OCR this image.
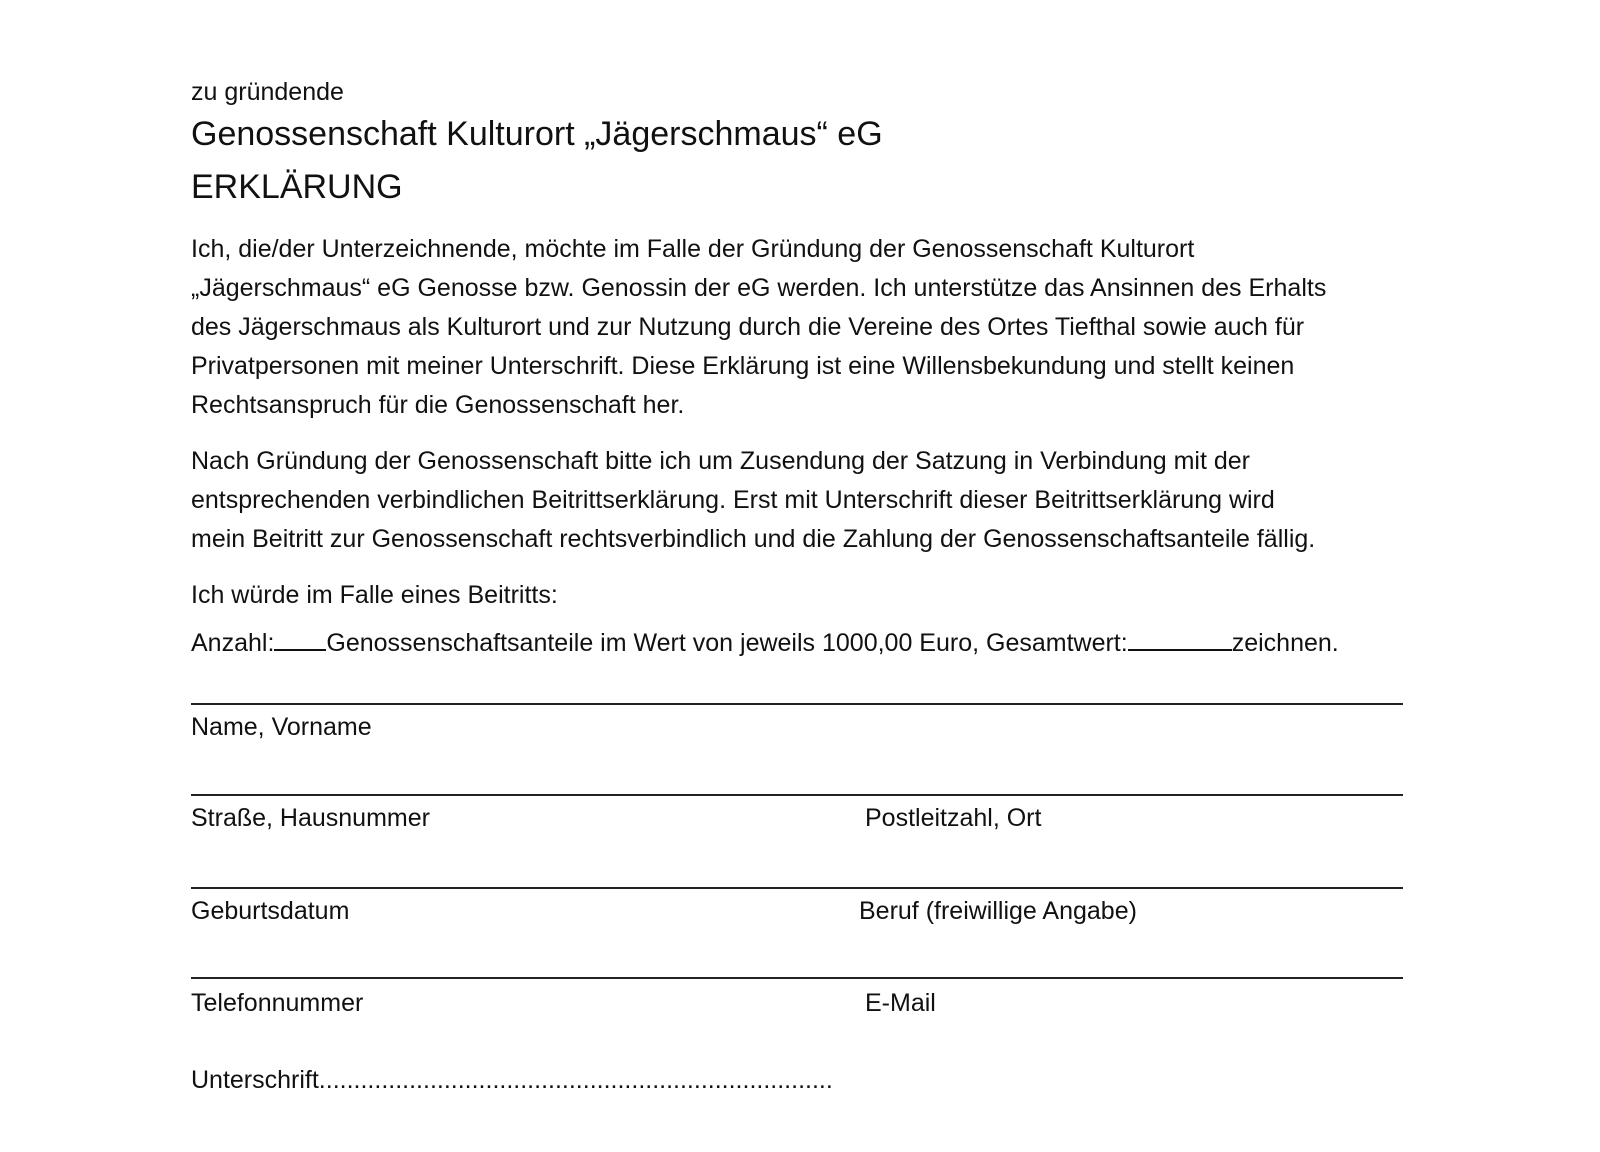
zu gründende
Genossenschaft Kulturort „Jägerschmaus“ eG
ERKLÄRUNG
Ich, die/der Unterzeichnende, möchte im Falle der Gründung der Genossenschaft Kulturort
„Jägerschmaus“ eG Genosse bzw. Genossin der eG werden. Ich unterstütze das Ansinnen des Erhalts
des Jägerschmaus als Kulturort und zur Nutzung durch die Vereine des Ortes Tiefthal sowie auch für
Privatpersonen mit meiner Unterschrift. Diese Erklärung ist eine Willensbekundung und stellt keinen
Rechtsanspruch für die Genossenschaft her.
Nach Gründung der Genossenschaft bitte ich um Zusendung der Satzung in Verbindung mit der
entsprechenden verbindlichen Beitrittserklärung. Erst mit Unterschrift dieser Beitrittserklärung wird
mein Beitritt zur Genossenschaft rechtsverbindlich und die Zahlung der Genossenschaftsanteile fällig.
Ich würde im Falle eines Beitritts:
Anzahl: Genossenschaftsanteile im Wert von jeweils 1000,00 Euro, Gesamtwert:	zeichnen.
Name, Vorname
Straße, Hausnummer	Postleitzahl, Ort
Geburtsdatum	Beruf (freiwillige Angabe)
Telefonnummer	E-Mail
Unterschrift..........................................................................
